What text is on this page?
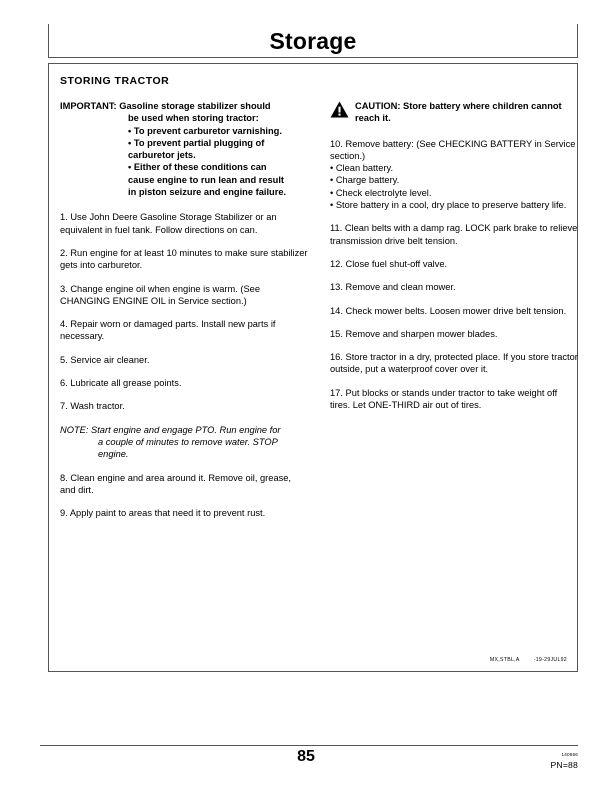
Storage
STORING TRACTOR

IMPORTANT: Gasoline storage stabilizer should
be used when storing tractor:
• To prevent carburetor varnishing.
• To prevent partial plugging of
carburetor jets.
• Either of these conditions can
cause engine to run lean and result
in piston seizure and engine failure.

1. Use John Deere Gasoline Storage Stabilizer or an equivalent in fuel tank. Follow directions on can.

2. Run engine for at least 10 minutes to make sure stabilizer gets into carburetor.

3. Change engine oil when engine is warm. (See CHANGING ENGINE OIL in Service section.)

4. Repair worn or damaged parts. Install new parts if necessary.

5. Service air cleaner.

6. Lubricate all grease points.

7. Wash tractor.

NOTE: Start engine and engage PTO. Run engine for
a couple of minutes to remove water. STOP
engine.

8. Clean engine and area around it. Remove oil, grease, and dirt.

9. Apply paint to areas that need it to prevent rust.

CAUTION: Store battery where children cannot reach it.

10. Remove battery: (See CHECKING BATTERY in Service section.)

• Clean battery.

• Charge battery.

• Check electrolyte level.

• Store battery in a cool, dry place to preserve battery life.

11. Clean belts with a damp rag. LOCK park brake to relieve transmission drive belt tension.

12. Close fuel shut-off valve.

13. Remove and clean mower.

14. Check mower belts. Loosen mower drive belt tension.

15. Remove and sharpen mower blades.

16. Store tractor in a dry, protected place. If you store tractor outside, put a waterproof cover over it.

17. Put blocks or stands under tractor to take weight off tires. Let ONE-THIRD air out of tires.

MX,STBL,A	-19-29JUL92
85	140666
PN=88
